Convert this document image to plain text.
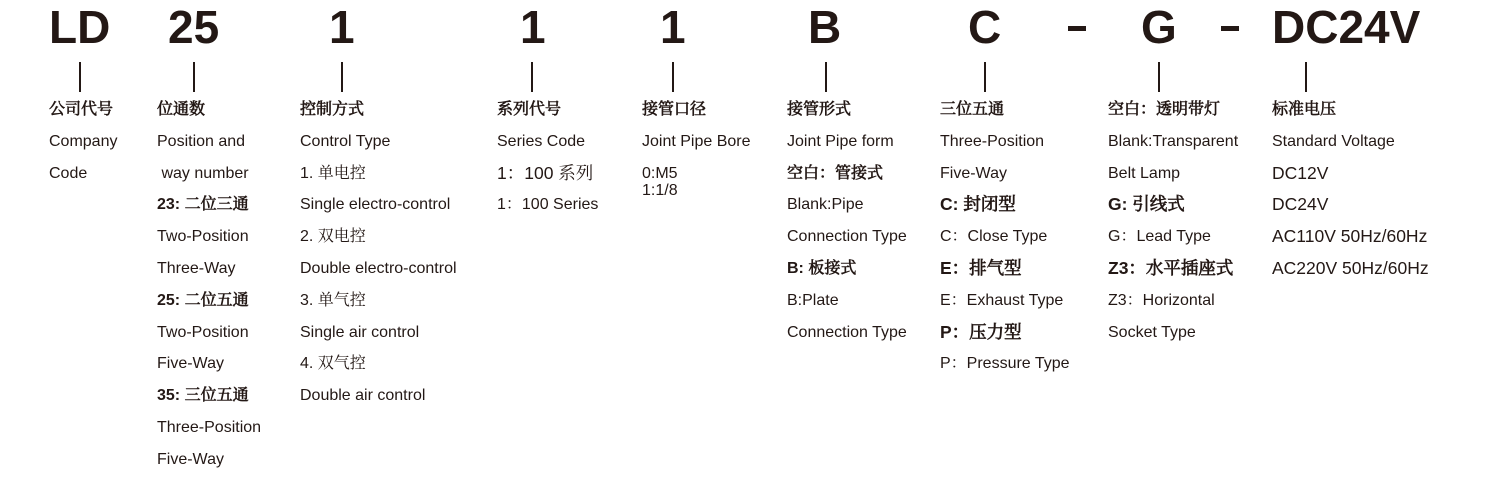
LD 25 1	1 1	B	C	G DC24V
公司代号
Company
Code
位通数
Position and
way number
23: 二位三通
Two-Position
Three-Way
25: 二位五通
Two-Position
Five-Way
35: 三位五通
Three-Position
Five-Way
控制方式
Control Type
1. 单电控
Single electro-control
2. 双电控
Double electro-control
3. 单气控
Single air control
4. 双气控
Double air control
系列代号
Series Code
1：100 系列
1：100 Series
接管口径
Joint Pipe Bore
0:M5
1:1/8
接管形式
Joint Pipe form
空白：管接式
Blank:Pipe
Connection Type
B: 板接式
B:Plate
Connection Type
三位五通
Three-Position
Five-Way
C: 封闭型
C：Close Type
E：排气型
E：Exhaust Type
P：压力型
P：Pressure Type
空白：透明带灯
Blank:Transparent
Belt Lamp
G: 引线式
G：Lead Type
Z3：水平插座式
Z3：Horizontal
Socket Type
标准电压
Standard Voltage
DC12V
DC24V
AC110V 50Hz/60Hz
AC220V 50Hz/60Hz
